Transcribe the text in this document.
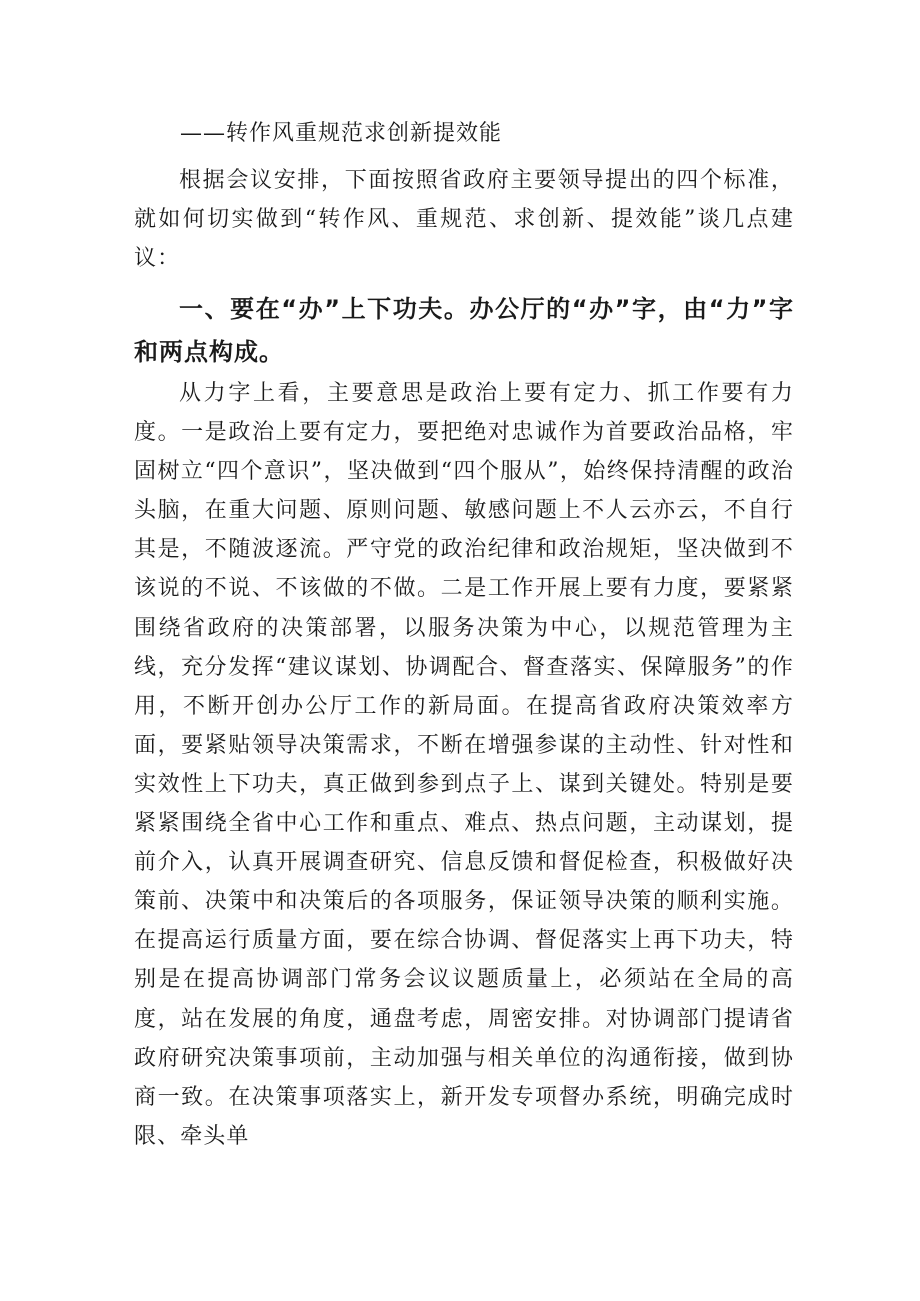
——转作风重规范求创新提效能

根据会议安排，下面按照省政府主要领导提出的四个标准，就如何切实做到“转作风、重规范、求创新、提效能”谈几点建议：

一、要在“办”上下功夫。办公厅的“办”字，由“力”字和两点构成。

从力字上看，主要意思是政治上要有定力、抓工作要有力度。一是政治上要有定力，要把绝对忠诚作为首要政治品格，牢固树立“四个意识”，坚决做到“四个服从”，始终保持清醒的政治头脑，在重大问题、原则问题、敏感问题上不人云亦云，不自行其是，不随波逐流。严守党的政治纪律和政治规矩，坚决做到不该说的不说、不该做的不做。二是工作开展上要有力度，要紧紧围绕省政府的决策部署，以服务决策为中心，以规范管理为主线，充分发挥“建议谋划、协调配合、督查落实、保障服务”的作用，不断开创办公厅工作的新局面。在提高省政府决策效率方面，要紧贴领导决策需求，不断在增强参谋的主动性、针对性和实效性上下功夫，真正做到参到点子上、谋到关键处。特别是要紧紧围绕全省中心工作和重点、难点、热点问题，主动谋划，提前介入，认真开展调查研究、信息反馈和督促检查，积极做好决策前、决策中和决策后的各项服务，保证领导决策的顺利实施。在提高运行质量方面，要在综合协调、督促落实上再下功夫，特别是在提高协调部门常务会议议题质量上，必须站在全局的高度，站在发展的角度，通盘考虑，周密安排。对协调部门提请省政府研究决策事项前，主动加强与相关单位的沟通衔接，做到协商一致。在决策事项落实上，新开发专项督办系统，明确完成时限、牵头单
